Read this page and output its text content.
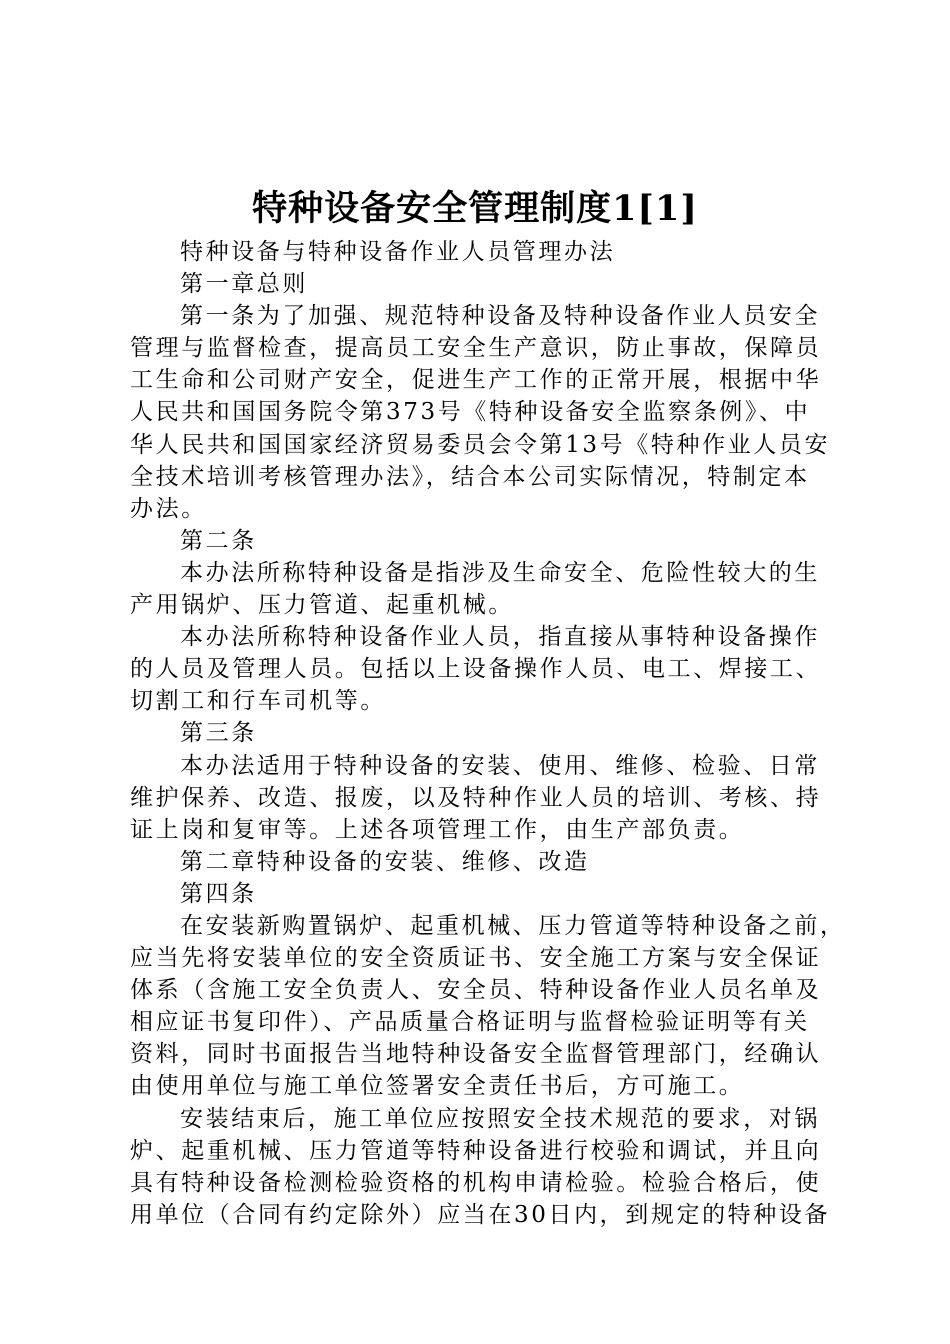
特种设备安全管理制度1[1]
特种设备与特种设备作业人员管理办法
第一章总则
第一条为了加强、规范特种设备及特种设备作业人员安全
管理与监督检查，提高员工安全生产意识，防止事故，保障员
工生命和公司财产安全，促进生产工作的正常开展，根据中华
人民共和国国务院令第373号《特种设备安全监察条例》、中
华人民共和国国家经济贸易委员会令第13号《特种作业人员安
全技术培训考核管理办法》，结合本公司实际情况，特制定本
办法。
第二条
本办法所称特种设备是指涉及生命安全、危险性较大的生
产用锅炉、压力管道、起重机械。
本办法所称特种设备作业人员，指直接从事特种设备操作
的人员及管理人员。包括以上设备操作人员、电工、焊接工、
切割工和行车司机等。
第三条
本办法适用于特种设备的安装、使用、维修、检验、日常
维护保养、改造、报废，以及特种作业人员的培训、考核、持
证上岗和复审等。上述各项管理工作，由生产部负责。
第二章特种设备的安装、维修、改造
第四条
在安装新购置锅炉、起重机械、压力管道等特种设备之前，
应当先将安装单位的安全资质证书、安全施工方案与安全保证
体系（含施工安全负责人、安全员、特种设备作业人员名单及
相应证书复印件）、产品质量合格证明与监督检验证明等有关
资料，同时书面报告当地特种设备安全监督管理部门，经确认
由使用单位与施工单位签署安全责任书后，方可施工。
安装结束后，施工单位应按照安全技术规范的要求，对锅
炉、起重机械、压力管道等特种设备进行校验和调试，并且向
具有特种设备检测检验资格的机构申请检验。检验合格后，使
用单位（合同有约定除外）应当在30日内，到规定的特种设备
